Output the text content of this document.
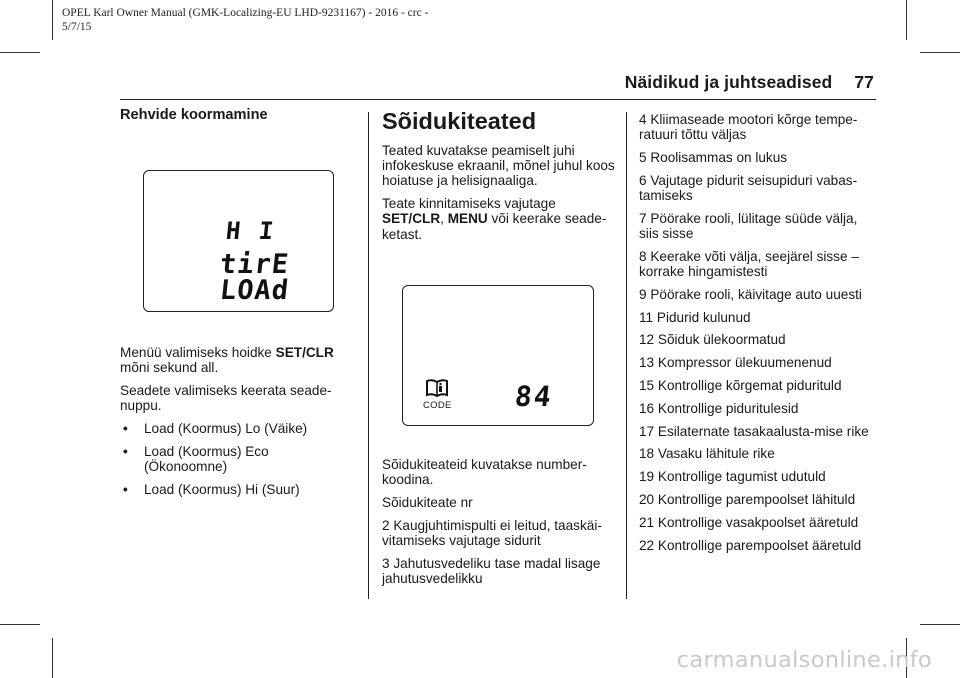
OPEL Karl Owner Manual (GMK-Localizing-EU LHD-9231167) - 2016 - crc -
5/7/15
Näidikud ja juhtseadised 77
Rehvide koormamine
H I
tirE
LOAd

Menüü valimiseks hoidke SET/CLR
mõni sekund all.

Seadete valimiseks keerata seade-nuppu.

• Load (Koormus) Lo (Väike)

• Load (Koormus) Eco (Ökonoomne)

• Load (Koormus) Hi (Suur)

Sõidukiteated

Teated kuvatakse peamiselt juhi infokeskuse ekraanil, mõnel juhul koos hoiatuse ja helisignaaliga.

Teate kinnitamiseks vajutage SET/CLR, MENU või keerake seade-ketast.

CODE 84

Sõidukiteateid kuvatakse number-koodina.

Sõidukiteate nr

2 Kaugjuhtimispulti ei leitud, taaskäi-vitamiseks vajutage sidurit

3 Jahutusvedeliku tase madal lisage jahutusvedelikku

4 Kliimaseade mootori kõrge tempe-ratuuri tõttu väljas

5 Roolisammas on lukus

6 Vajutage pidurit seisupiduri vabas-tamiseks

7 Pöörake rooli, lülitage süüde välja, siis sisse

8 Keerake võti välja, seejärel sisse – korrake hingamistesti

9 Pöörake rooli, käivitage auto uuesti

11 Pidurid kulunud

12 Sõiduk ülekoormatud

13 Kompressor ülekuumenenud

15 Kontrollige kõrgemat pidurituld

16 Kontrollige piduritulesid

17 Esilaternate tasakaalusta-mise rike

18 Vasaku lähitule rike

19 Kontrollige tagumist udutuld

20 Kontrollige parempoolset lähituld

21 Kontrollige vasakpoolset ääretuld

22 Kontrollige parempoolset ääretuld

carmanualsonline.info
